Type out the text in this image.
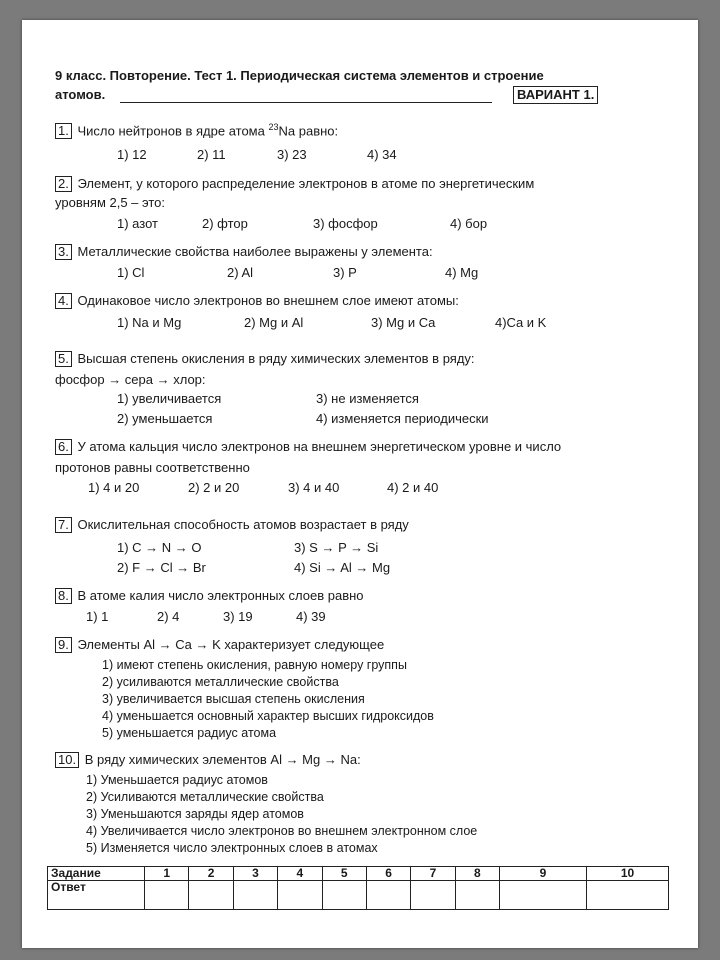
9 класс. Повторение. Тест 1. Периодическая система элементов и строение
атомов.	ВАРИАНТ 1.
1. Число нейтронов в ядре атома $^{23}$Na равно:
1) 12	2) 11	3) 23	4) 34
2. Элемент, у которого распределение электронов в атоме по энергетическим
уровням 2,5 – это:
1) азот	2) фтор	3) фосфор	4) бор
3. Металлические свойства наиболее выражены у элемента:
1) Cl	2) Al	3) P	4) Mg
4. Одинаковое число электронов во внешнем слое имеют атомы:
1) Na и Mg	2) Mg и Al	3) Mg и Ca	4)Ca и K
5. Высшая степень окисления в ряду химических элементов в ряду:
фосфор → сера → хлор:
1) увеличивается	3) не изменяется
2) уменьшается	4) изменяется периодически
6. У атома кальция число электронов на внешнем энергетическом уровне и число
протонов равны соответственно
1) 4 и 20	2) 2 и 20	3) 4 и 40	4) 2 и 40
7. Окислительная способность атомов возрастает в ряду
1) C → N → O	3) S → P → Si
2) F → Cl → Br	4) Si → Al → Mg
8. В атоме калия число электронных слоев равно
1) 1	2) 4	3) 19	4) 39
9. Элементы Al → Ca → K характеризует следующее
1) имеют степень окисления, равную номеру группы
2) усиливаются металлические свойства
3) увеличивается высшая степень окисления
4) уменьшается основный характер высших гидроксидов
5) уменьшается радиус атома
10. В ряду химических элементов Al → Mg → Na:
1) Уменьшается радиус атомов
2) Усиливаются металлические свойства
3) Уменьшаются заряды ядер атомов
4) Увеличивается число электронов во внешнем электронном слое
5) Изменяется число электронных слоев в атомах
Задание	1	2	3	4	5	6	7	8	9	10
Ответ										
